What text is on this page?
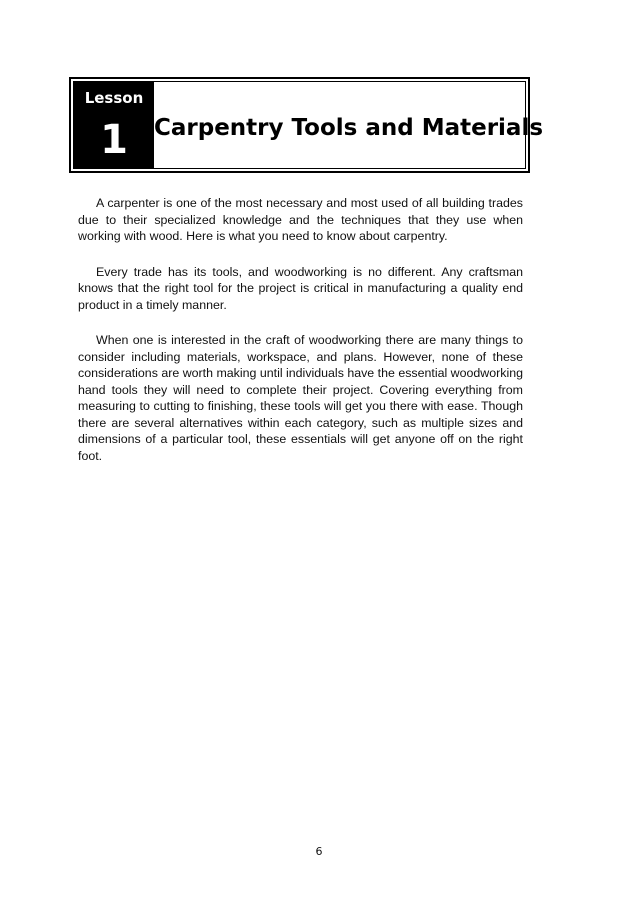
Lesson
1	Carpentry Tools and Materials

A carpenter is one of the most necessary and most used of all building trades due to their specialized knowledge and the techniques that they use when working with wood. Here is what you need to know about carpentry.

Every trade has its tools, and woodworking is no different. Any craftsman knows that the right tool for the project is critical in manufacturing a quality end product in a timely manner.

When one is interested in the craft of woodworking there are many things to consider including materials, workspace, and plans. However, none of these considerations are worth making until individuals have the essential woodworking hand tools they will need to complete their project. Covering everything from measuring to cutting to finishing, these tools will get you there with ease. Though there are several alternatives within each category, such as multiple sizes and dimensions of a particular tool, these essentials will get anyone off on the right foot.

6
